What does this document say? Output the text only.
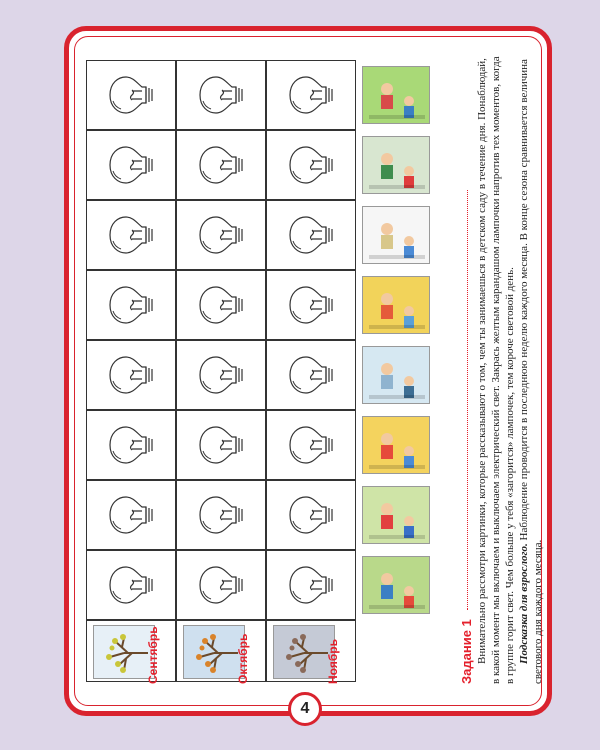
Сентябрь	Октябрь	Ноябрь	Задание 1 Внимательно рассмотри картинки, которые рассказывают о том, чем ты занимаешься в детском саду в течение дня. Понаблюдай, в какой момент мы включаем и выключаем электрический свет. Закрась желтым карандашом лампочки напротив тех моментов, когда в группе горит свет. Чем больше у тебя «загорится» лампочек, тем короче световой день. Подсказка для взрослого. Наблюдение проводится в последнюю неделю каждого месяца. В конце сезона сравнивается величина светового дня каждого месяца.
4
